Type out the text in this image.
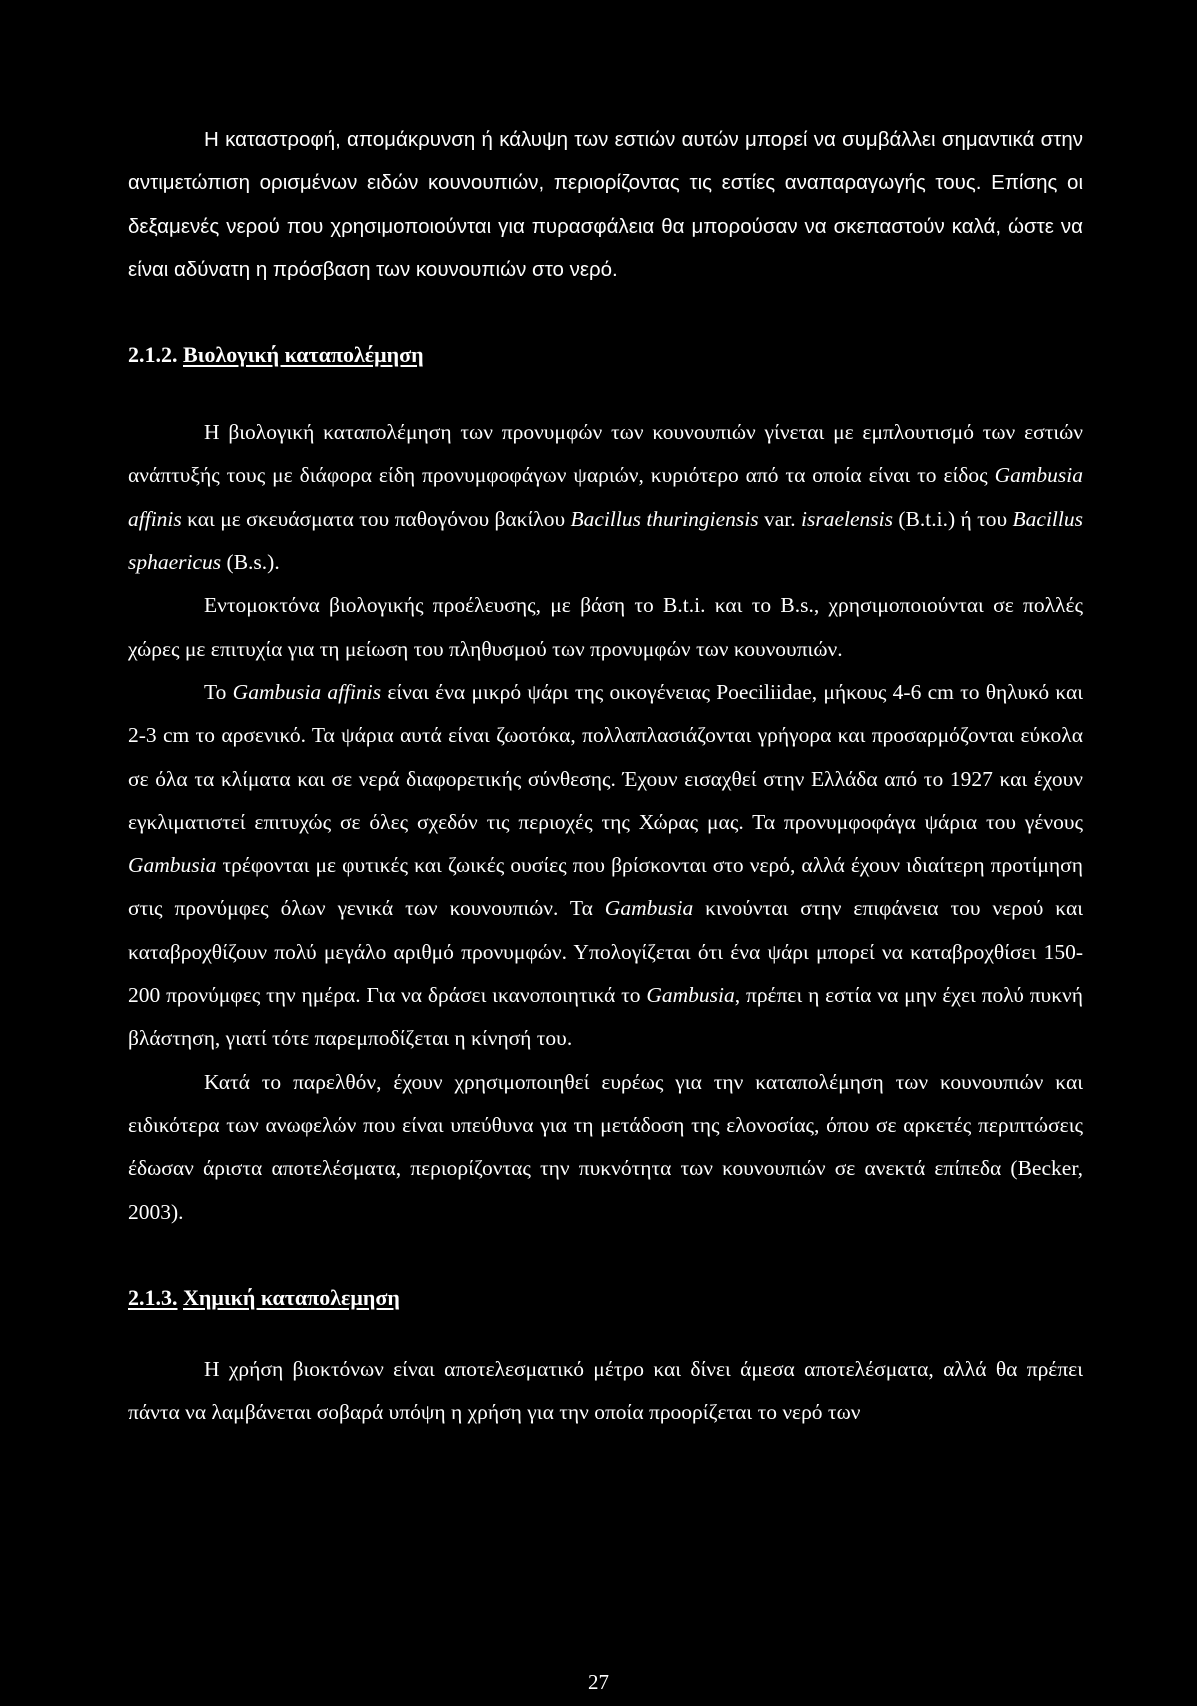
Η καταστροφή, απομάκρυνση ή κάλυψη των εστιών αυτών μπορεί να συμβάλλει σημαντικά στην αντιμετώπιση ορισμένων ειδών κουνουπιών, περιορίζοντας τις εστίες αναπαραγωγής τους. Επίσης οι δεξαμενές νερού που χρησιμοποιούνται για πυρασφάλεια θα μπορούσαν να σκεπαστούν καλά, ώστε να είναι αδύνατη η πρόσβαση των κουνουπιών στο νερό.

2.1.2. Βιολογική καταπολέμηση

Η βιολογική καταπολέμηση των προνυμφών των κουνουπιών γίνεται με εμπλουτισμό των εστιών ανάπτυξής τους με διάφορα είδη προνυμφοφάγων ψαριών, κυριότερο από τα οποία είναι το είδος Gambusia affinis και με σκευάσματα του παθογόνου βακίλου Bacillus thuringiensis var. israelensis (B.t.i.) ή του Bacillus sphaericus (B.s.).

Εντομοκτόνα βιολογικής προέλευσης, με βάση το B.t.i. και το B.s., χρησιμοποιούνται σε πολλές χώρες με επιτυχία για τη μείωση του πληθυσμού των προνυμφών των κουνουπιών.

Το Gambusia affinis είναι ένα μικρό ψάρι της οικογένειας Poeciliidae, μήκους 4-6 cm το θηλυκό και 2-3 cm το αρσενικό. Τα ψάρια αυτά είναι ζωοτόκα, πολλαπλασιάζονται γρήγορα και προσαρμόζονται εύκολα σε όλα τα κλίματα και σε νερά διαφορετικής σύνθεσης. Έχουν εισαχθεί στην Ελλάδα από το 1927 και έχουν εγκλιματιστεί επιτυχώς σε όλες σχεδόν τις περιοχές της Χώρας μας. Τα προνυμφοφάγα ψάρια του γένους Gambusia τρέφονται με φυτικές και ζωικές ουσίες που βρίσκονται στο νερό, αλλά έχουν ιδιαίτερη προτίμηση στις προνύμφες όλων γενικά των κουνουπιών. Τα Gambusia κινούνται στην επιφάνεια του νερού και καταβροχθίζουν πολύ μεγάλο αριθμό προνυμφών. Υπολογίζεται ότι ένα ψάρι μπορεί να καταβροχθίσει 150-200 προνύμφες την ημέρα. Για να δράσει ικανοποιητικά το Gambusia, πρέπει η εστία να μην έχει πολύ πυκνή βλάστηση, γιατί τότε παρεμποδίζεται η κίνησή του.

Κατά το παρελθόν, έχουν χρησιμοποιηθεί ευρέως για την καταπολέμηση των κουνουπιών και ειδικότερα των ανωφελών που είναι υπεύθυνα για τη μετάδοση της ελονοσίας, όπου σε αρκετές περιπτώσεις έδωσαν άριστα αποτελέσματα, περιορίζοντας την πυκνότητα των κουνουπιών σε ανεκτά επίπεδα (Becker, 2003).

2.1.3. Χημική καταπολεμηση

Η χρήση βιοκτόνων είναι αποτελεσματικό μέτρο και δίνει άμεσα αποτελέσματα, αλλά θα πρέπει πάντα να λαμβάνεται σοβαρά υπόψη η χρήση για την οποία προορίζεται το νερό των

27
